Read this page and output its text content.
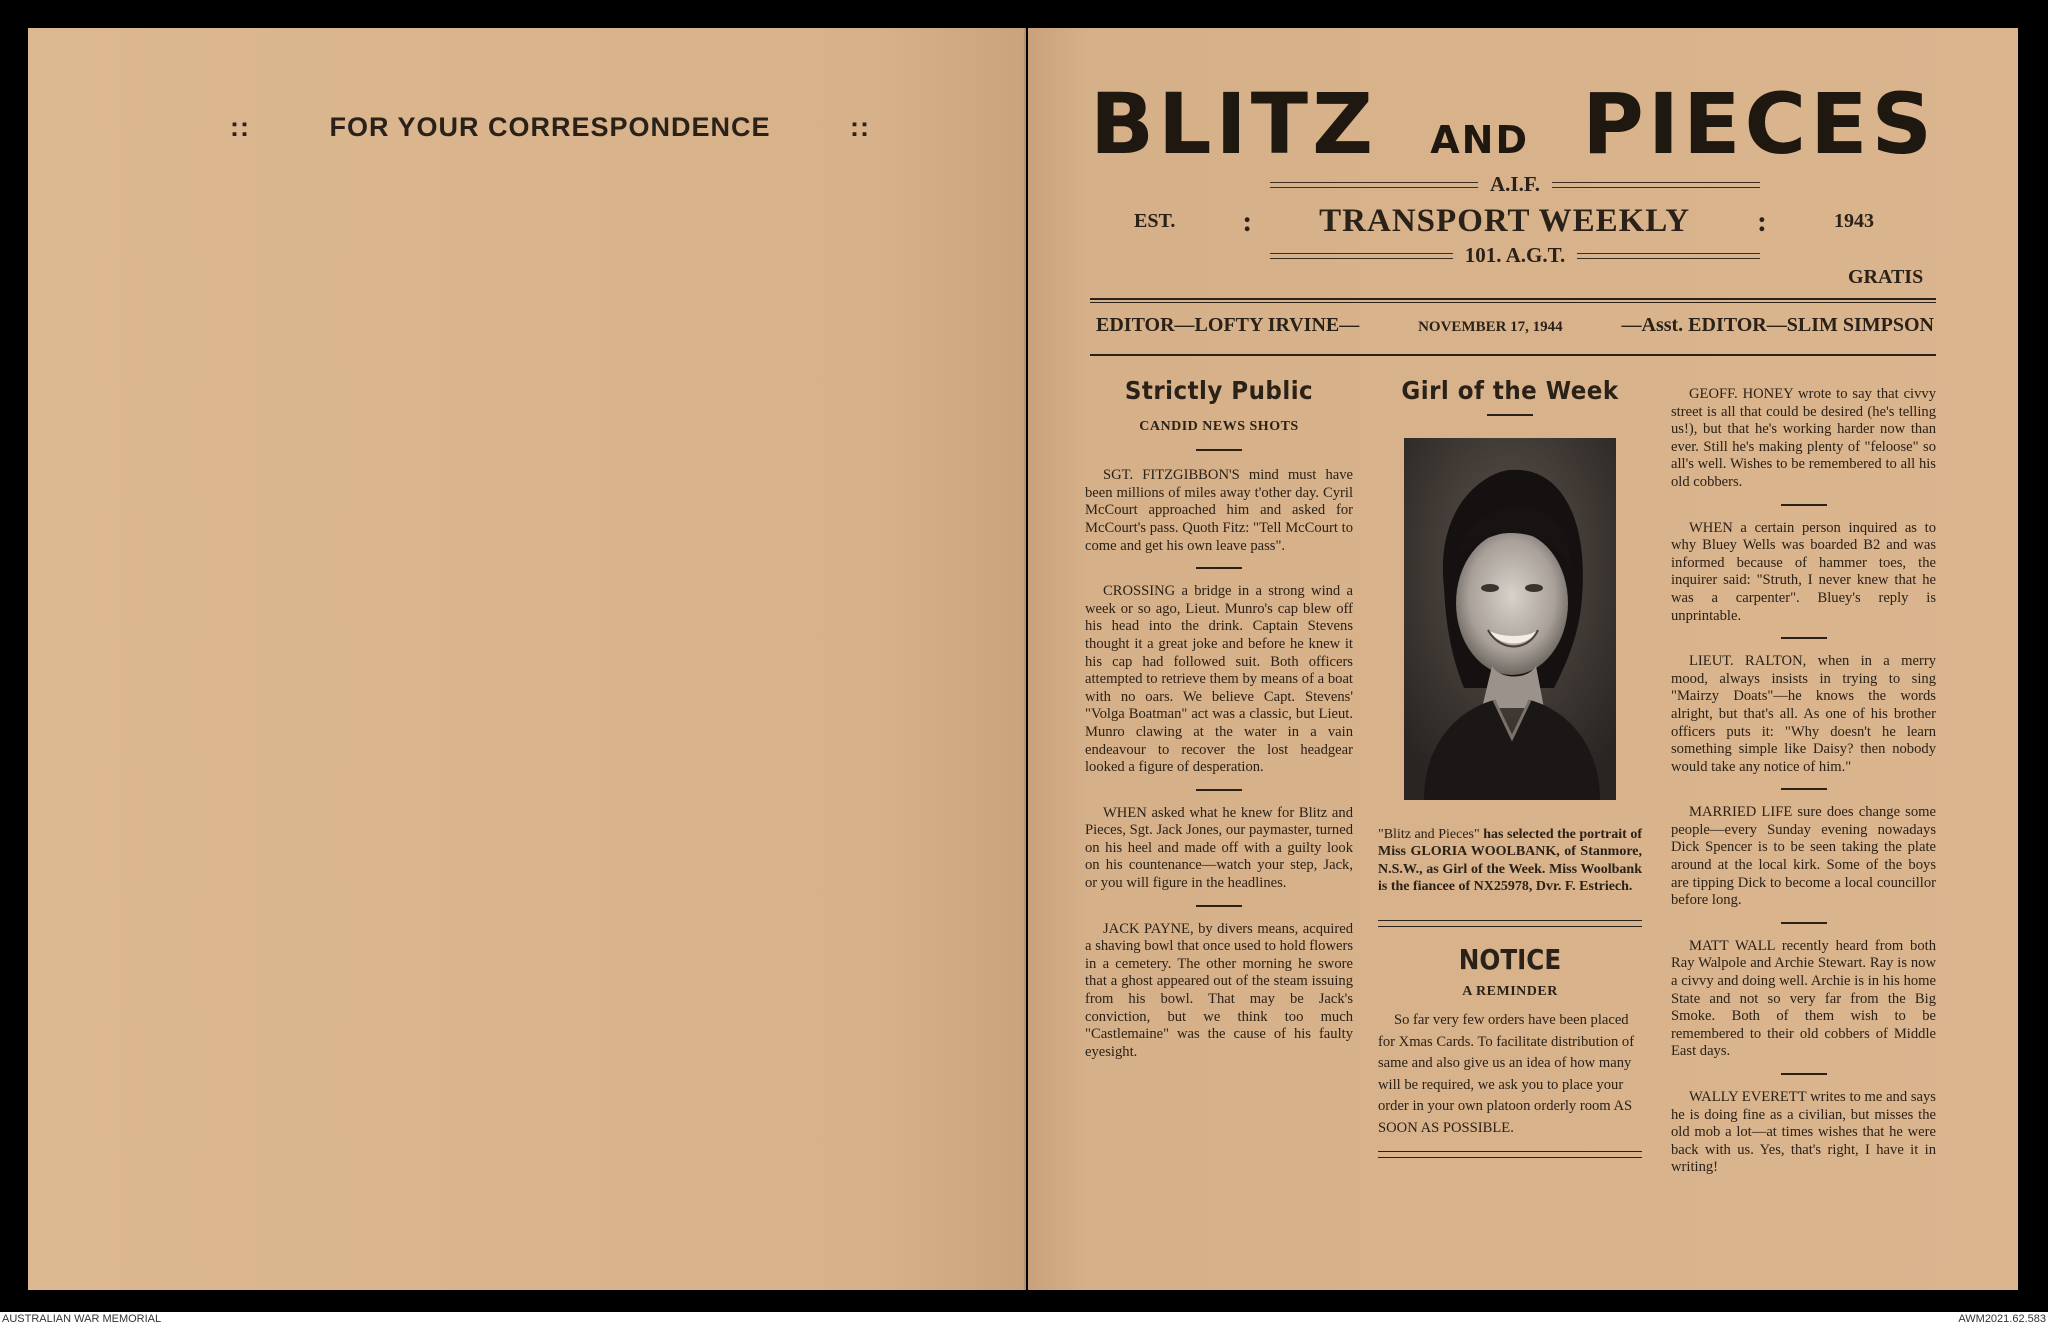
::	FOR YOUR CORRESPONDENCE	::	BLITZ AND PIECES
A.I.F.
EST. : TRANSPORT WEEKLY :	1943
101. A.G.T.
GRATIS
EDITOR—LOFTY IRVINE—	NOVEMBER 17, 1944	—Asst. EDITOR—SLIM SIMPSON
Strictly Public
CANDID NEWS SHOTS

SGT. FITZGIBBON'S mind must have been millions of miles away t'other day. Cyril McCourt approached him and asked for McCourt's pass. Quoth Fitz: "Tell McCourt to come and get his own leave pass".

CROSSING a bridge in a strong wind a week or so ago, Lieut. Munro's cap blew off his head into the drink. Captain Stevens thought it a great joke and before he knew it his cap had followed suit. Both officers attempted to retrieve them by means of a boat with no oars. We believe Capt. Stevens' "Volga Boatman" act was a classic, but Lieut. Munro clawing at the water in a vain endeavour to recover the lost headgear looked a figure of desperation.

WHEN asked what he knew for Blitz and Pieces, Sgt. Jack Jones, our paymaster, turned on his heel and made off with a guilty look on his countenance—watch your step, Jack, or you will figure in the headlines.

JACK PAYNE, by divers means, acquired a shaving bowl that once used to hold flowers in a cemetery. The other morning he swore that a ghost appeared out of the steam issuing from his bowl. That may be Jack's conviction, but we think too much "Castlemaine" was the cause of his faulty eyesight.

Girl of the Week

"Blitz and Pieces" has selected the portrait of Miss GLORIA WOOLBANK, of Stanmore, N.S.W., as Girl of the Week. Miss Woolbank is the fiancee of NX25978, Dvr. F. Estriech.

NOTICE
A REMINDER

So far very few orders have been placed for Xmas Cards. To facilitate distribution of same and also give us an idea of how many will be required, we ask you to place your order in your own platoon orderly room AS SOON AS POSSIBLE.

GEOFF. HONEY wrote to say that civvy street is all that could be desired (he's telling us!), but that he's working harder now than ever. Still he's making plenty of "feloose" so all's well. Wishes to be remembered to all his old cobbers.

WHEN a certain person inquired as to why Bluey Wells was boarded B2 and was informed because of hammer toes, the inquirer said: "Struth, I never knew that he was a carpenter". Bluey's reply is unprintable.

LIEUT. RALTON, when in a merry mood, always insists in trying to sing "Mairzy Doats"—he knows the words alright, but that's all. As one of his brother officers puts it: "Why doesn't he learn something simple like Daisy? then nobody would take any notice of him."

MARRIED LIFE sure does change some people—every Sunday evening nowadays Dick Spencer is to be seen taking the plate around at the local kirk. Some of the boys are tipping Dick to become a local councillor before long.

MATT WALL recently heard from both Ray Walpole and Archie Stewart. Ray is now a civvy and doing well. Archie is in his home State and not so very far from the Big Smoke. Both of them wish to be remembered to their old cobbers of Middle East days.

WALLY EVERETT writes to me and says he is doing fine as a civilian, but misses the old mob a lot—at times wishes that he were back with us. Yes, that's right, I have it in writing!

AUSTRALIAN WAR MEMORIAL	AWM2021.62.583
